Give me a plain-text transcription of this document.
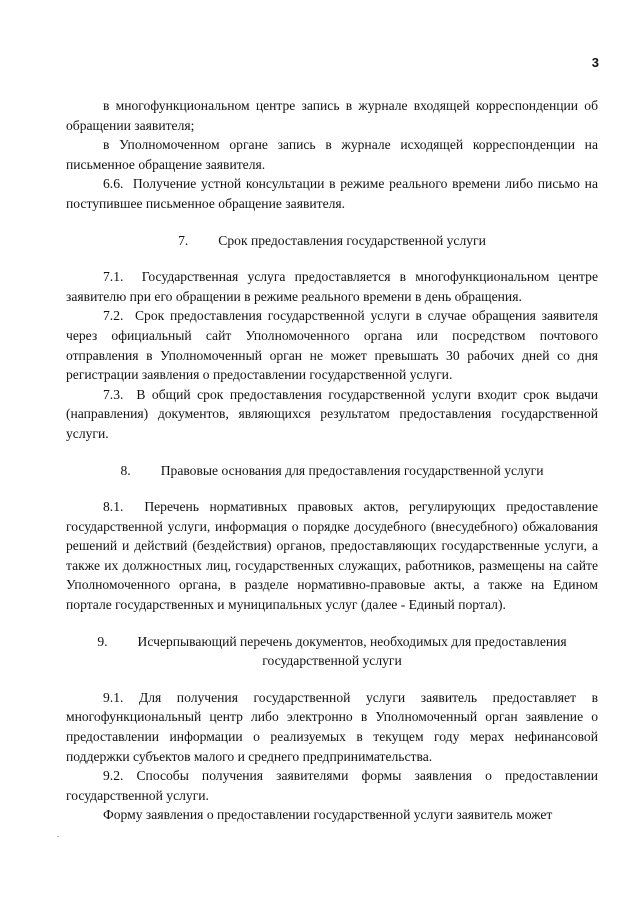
3

в многофункциональном центре запись в журнале входящей корреспонденции об обращении заявителя;

в Уполномоченном органе запись в журнале исходящей корреспонденции на письменное обращение заявителя.

6.6.  Получение устной консультации в режиме реального времени либо письмо на поступившее письменное обращение заявителя.

7. Срок предоставления государственной услуги

7.1.  Государственная услуга предоставляется в многофункциональном центре заявителю при его обращении в режиме реального времени в день обращения.

7.2.  Срок предоставления государственной услуги в случае обращения заявителя через официальный сайт Уполномоченного органа или посредством почтового отправления в Уполномоченный орган не может превышать 30 рабочих дней со дня регистрации заявления о предоставлении государственной услуги.

7.3.  В общий срок предоставления государственной услуги входит срок выдачи (направления) документов, являющихся результатом предоставления государственной услуги.

8. Правовые основания для предоставления государственной услуги

8.1.  Перечень нормативных правовых актов, регулирующих предоставление государственной услуги, информация о порядке досудебного (внесудебного) обжалования решений и действий (бездействия) органов, предоставляющих государственные услуги, а также их должностных лиц, государственных служащих, работников, размещены на сайте Уполномоченного органа, в разделе нормативно-правовые акты, а также на Едином портале государственных и муниципальных услуг (далее - Единый портал).

9. Исчерпывающий перечень документов, необходимых для предоставления
государственной услуги

9.1. Для получения государственной услуги заявитель предоставляет в многофункциональный центр либо электронно в Уполномоченный орган заявление о предоставлении информации о реализуемых в текущем году мерах нефинансовой поддержки субъектов малого и среднего предпринимательства.

9.2. Способы получения заявителями формы заявления о предоставлении государственной услуги.

Форму заявления о предоставлении государственной услуги заявитель может
